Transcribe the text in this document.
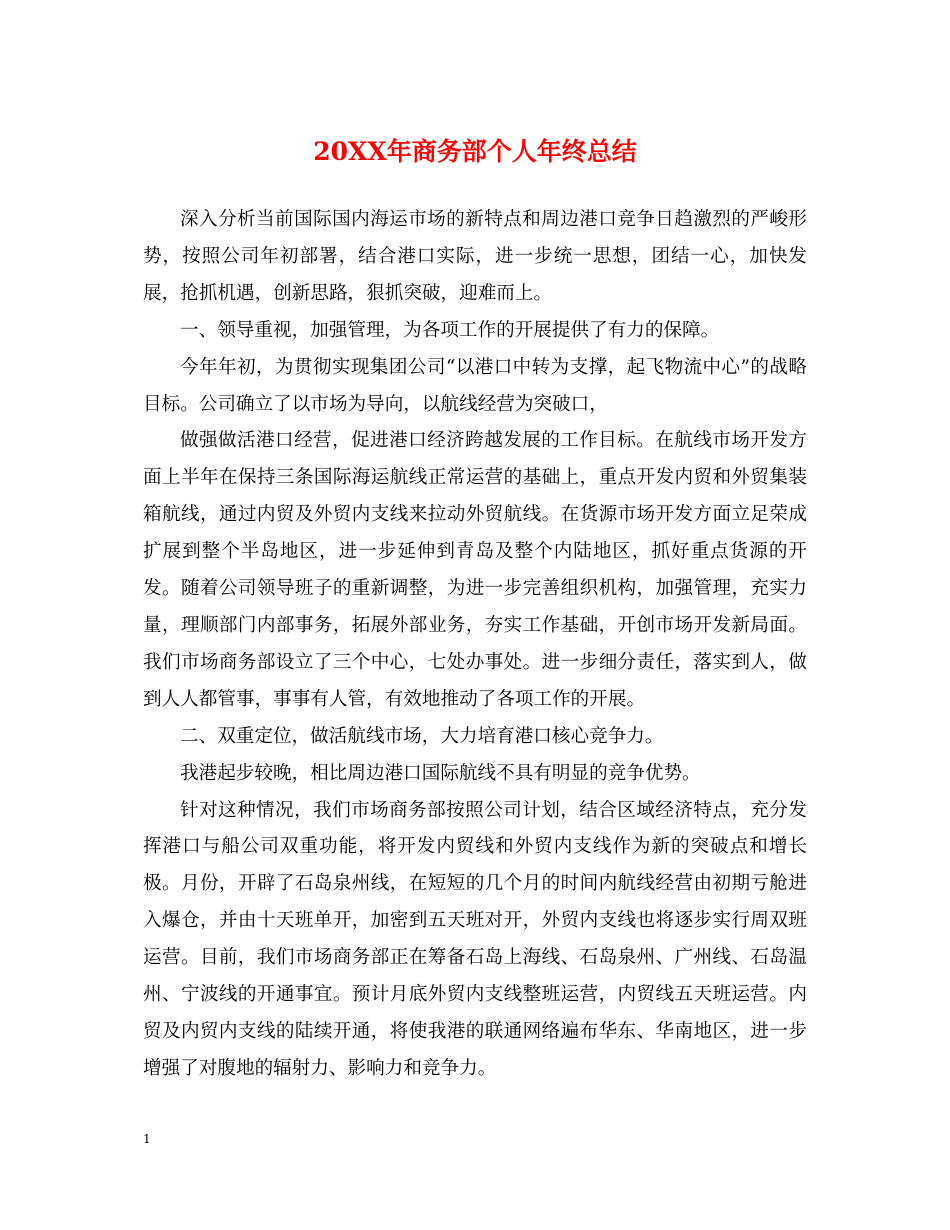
20XX年商务部个人年终总结

深入分析当前国际国内海运市场的新特点和周边港口竞争日趋激烈的严峻形势，按照公司年初部署，结合港口实际，进一步统一思想，团结一心，加快发展，抢抓机遇，创新思路，狠抓突破，迎难而上。

一、领导重视，加强管理，为各项工作的开展提供了有力的保障。

今年年初，为贯彻实现集团公司“以港口中转为支撑，起飞物流中心”的战略目标。公司确立了以市场为导向，以航线经营为突破口，

做强做活港口经营，促进港口经济跨越发展的工作目标。在航线市场开发方面上半年在保持三条国际海运航线正常运营的基础上，重点开发内贸和外贸集装箱航线，通过内贸及外贸内支线来拉动外贸航线。在货源市场开发方面立足荣成扩展到整个半岛地区，进一步延伸到青岛及整个内陆地区，抓好重点货源的开发。随着公司领导班子的重新调整，为进一步完善组织机构，加强管理，充实力量，理顺部门内部事务，拓展外部业务，夯实工作基础，开创市场开发新局面。我们市场商务部设立了三个中心，七处办事处。进一步细分责任，落实到人，做到人人都管事，事事有人管，有效地推动了各项工作的开展。

二、双重定位，做活航线市场，大力培育港口核心竞争力。

我港起步较晚，相比周边港口国际航线不具有明显的竞争优势。

针对这种情况，我们市场商务部按照公司计划，结合区域经济特点，充分发挥港口与船公司双重功能，将开发内贸线和外贸内支线作为新的突破点和增长极。月份，开辟了石岛泉州线，在短短的几个月的时间内航线经营由初期亏舱进入爆仓，并由十天班单开，加密到五天班对开，外贸内支线也将逐步实行周双班运营。目前，我们市场商务部正在筹备石岛上海线、石岛泉州、广州线、石岛温州、宁波线的开通事宜。预计月底外贸内支线整班运营，内贸线五天班运营。内贸及内贸内支线的陆续开通，将使我港的联通网络遍布华东、华南地区，进一步增强了对腹地的辐射力、影响力和竞争力。

1
